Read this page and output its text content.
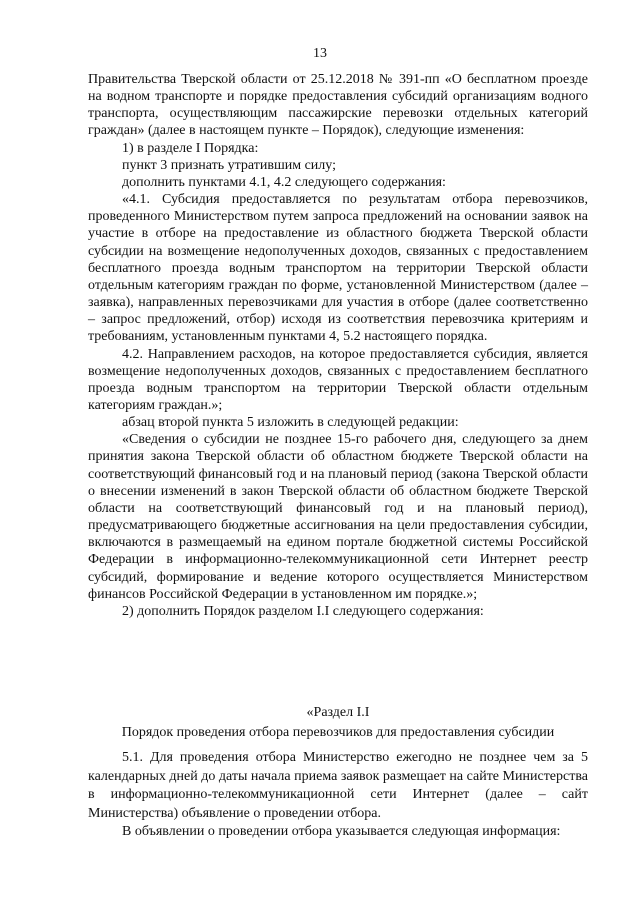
13

Правительства Тверской области от 25.12.2018 № 391-пп «О бесплатном проезде на водном транспорте и порядке предоставления субсидий организациям водного транспорта, осуществляющим пассажирские перевозки отдельных категорий граждан» (далее в настоящем пункте – Порядок), следующие изменения:

1) в разделе I Порядка:

пункт 3 признать утратившим силу;

дополнить пунктами 4.1, 4.2 следующего содержания:

«4.1. Субсидия предоставляется по результатам отбора перевозчиков, проведенного Министерством путем запроса предложений на основании заявок на участие в отборе на предоставление из областного бюджета Тверской области субсидии на возмещение недополученных доходов, связанных с предоставлением бесплатного проезда водным транспортом на территории Тверской области отдельным категориям граждан по форме, установленной Министерством (далее – заявка), направленных перевозчиками для участия в отборе (далее соответственно – запрос предложений, отбор) исходя из соответствия перевозчика критериям и требованиям, установленным пунктами 4, 5.2 настоящего порядка.

4.2. Направлением расходов, на которое предоставляется субсидия, является возмещение недополученных доходов, связанных с предоставлением бесплатного проезда водным транспортом на территории Тверской области отдельным категориям граждан.»;

абзац второй пункта 5 изложить в следующей редакции:

«Сведения о субсидии не позднее 15-го рабочего дня, следующего за днем принятия закона Тверской области об областном бюджете Тверской области на соответствующий финансовый год и на плановый период (закона Тверской области о внесении изменений в закон Тверской области об областном бюджете Тверской области на соответствующий финансовый год и на плановый период), предусматривающего бюджетные ассигнования на цели предоставления субсидии, включаются в размещаемый на едином портале бюджетной системы Российской Федерации в информационно-телекоммуникационной сети Интернет реестр субсидий, формирование и ведение которого осуществляется Министерством финансов Российской Федерации в установленном им порядке.»;

2) дополнить Порядок разделом I.I следующего содержания:

«Раздел I.I

Порядок проведения отбора перевозчиков для предоставления субсидии

5.1. Для проведения отбора Министерство ежегодно не позднее чем за 5 календарных дней до даты начала приема заявок размещает на сайте Министерства в информационно-телекоммуникационной сети Интернет (далее – сайт Министерства) объявление о проведении отбора.

В объявлении о проведении отбора указывается следующая информация:
